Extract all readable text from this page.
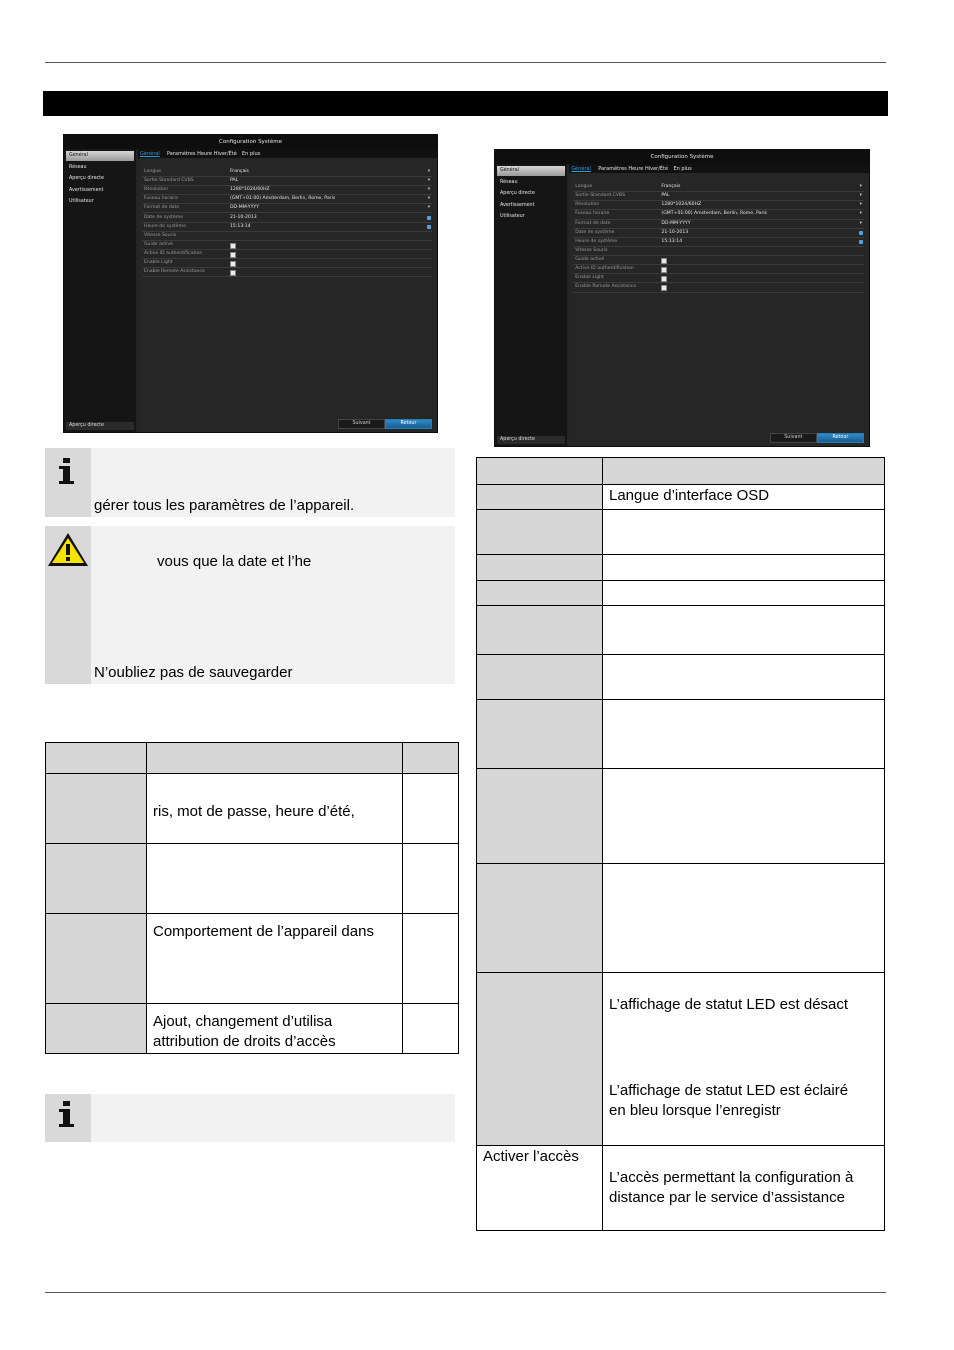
Configuration Système
Général
Réseau
Aperçu directe
Avertissement
Utilisateur
Aperçu directe
Général Paramètres Heure Hiver/Été En plus
Langue	Français	▾
Sortie Standard CVBS	PAL	▾
Résolution	1280*1024/60HZ	▾
Fuseau horaire	(GMT+01:00) Amsterdam, Berlin, Rome, Paris	▾
Format de date	DD-MM-YYYY	▾
Date de système	21-10-2013
Heure de système	15:13:14
Vitesse Souris
Guide activé
Active ID authentification
Enable Light
Enable Remote Assistance
Suivant	Retour
Configuration Système
Général
Réseau
Aperçu directe
Avertissement
Utilisateur
Aperçu directe
Général Paramètres Heure Hiver/Été En plus
Langue	Français	▾
Sortie Standard CVBS	PAL	▾
Résolution	1280*1024/60HZ	▾
Fuseau horaire	(GMT+01:00) Amsterdam, Berlin, Rome, Paris	▾
Format de date	DD-MM-YYYY	▾
Date de système	21-10-2013
Heure de système	15:13:14
Vitesse Souris
Guide activé
Active ID authentification
Enable Light
Enable Remote Assistance
Suivant	Retour
gérer tous les paramètres de l’appareil.
vous que la date et l’he
N’oubliez pas de sauvegarder

	ris, mot de passe, heure d’été,	

	Comportement de l’appareil dans	

	Ajout, changement d’utilisa
attribution de droits d’accès	

	Langue d’interface OSD

	L’affichage de statut LED est désact
L’affichage de statut LED est éclairé
en bleu lorsque l’enregistr

Activer l’accès	L’accès permettant la configuration à
distance par le service d’assistance
